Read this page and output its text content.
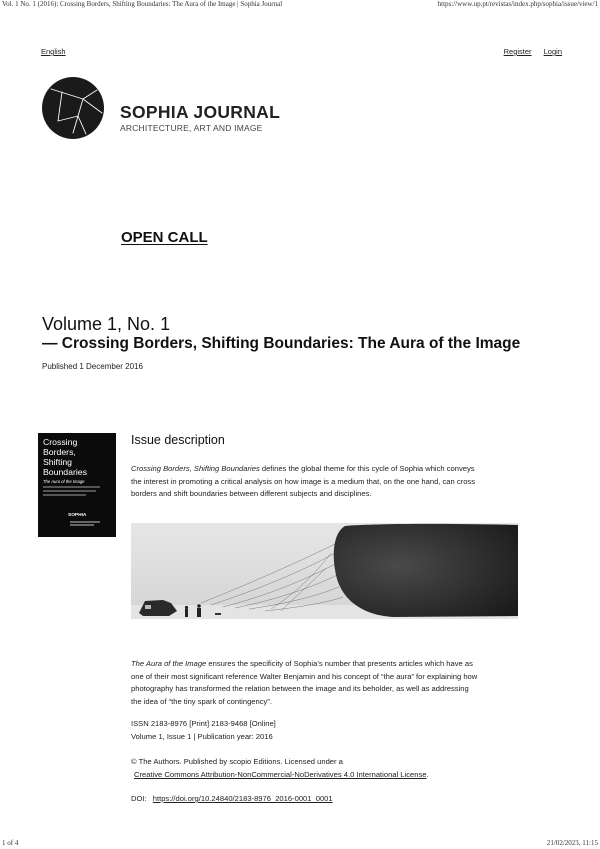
Vol. 1 No. 1 (2016): Crossing Borders, Shifting Boundaries: The Aura of the Image | Sophia Journal	https://www.up.pt/revistas/index.php/sophia/issue/view/1
English	Register Login
SOPHIA JOURNAL
ARCHITECTURE, ART AND IMAGE
OPEN CALL
Volume 1, No. 1
— Crossing Borders, Shifting Boundaries: The Aura of the Image
Published 1 December 2016
Crossing
Borders,
Shifting
Boundaries
The Aura of the Image
SOPHIA
Issue description
Crossing Borders, Shifting Boundaries defines the global theme for this cycle of Sophia which conveys the interest in promoting a critical analysis on how image is a medium that, on the one hand, can cross borders and shift boundaries between different subjects and disciplines.
The Aura of the Image ensures the specificity of Sophia’s number that presents articles which have as one of their most significant reference Walter Benjamin and his concept of “the aura” for explaining how photography has transformed the relation between the image and its beholder, as well as addressing the idea of “the tiny spark of contingency”.
ISSN 2183-8976 [Print] 2183-9468 [Online]
Volume 1, Issue 1 | Publication year: 2016
© The Authors. Published by scopio Editions. Licensed under a
Creative Commons Attribution-NonCommercial-NoDerivatives 4.0 International License.
DOI: https://doi.org/10.24840/2183-8976_2016-0001_0001
1 of 4	21/02/2023, 11:15
